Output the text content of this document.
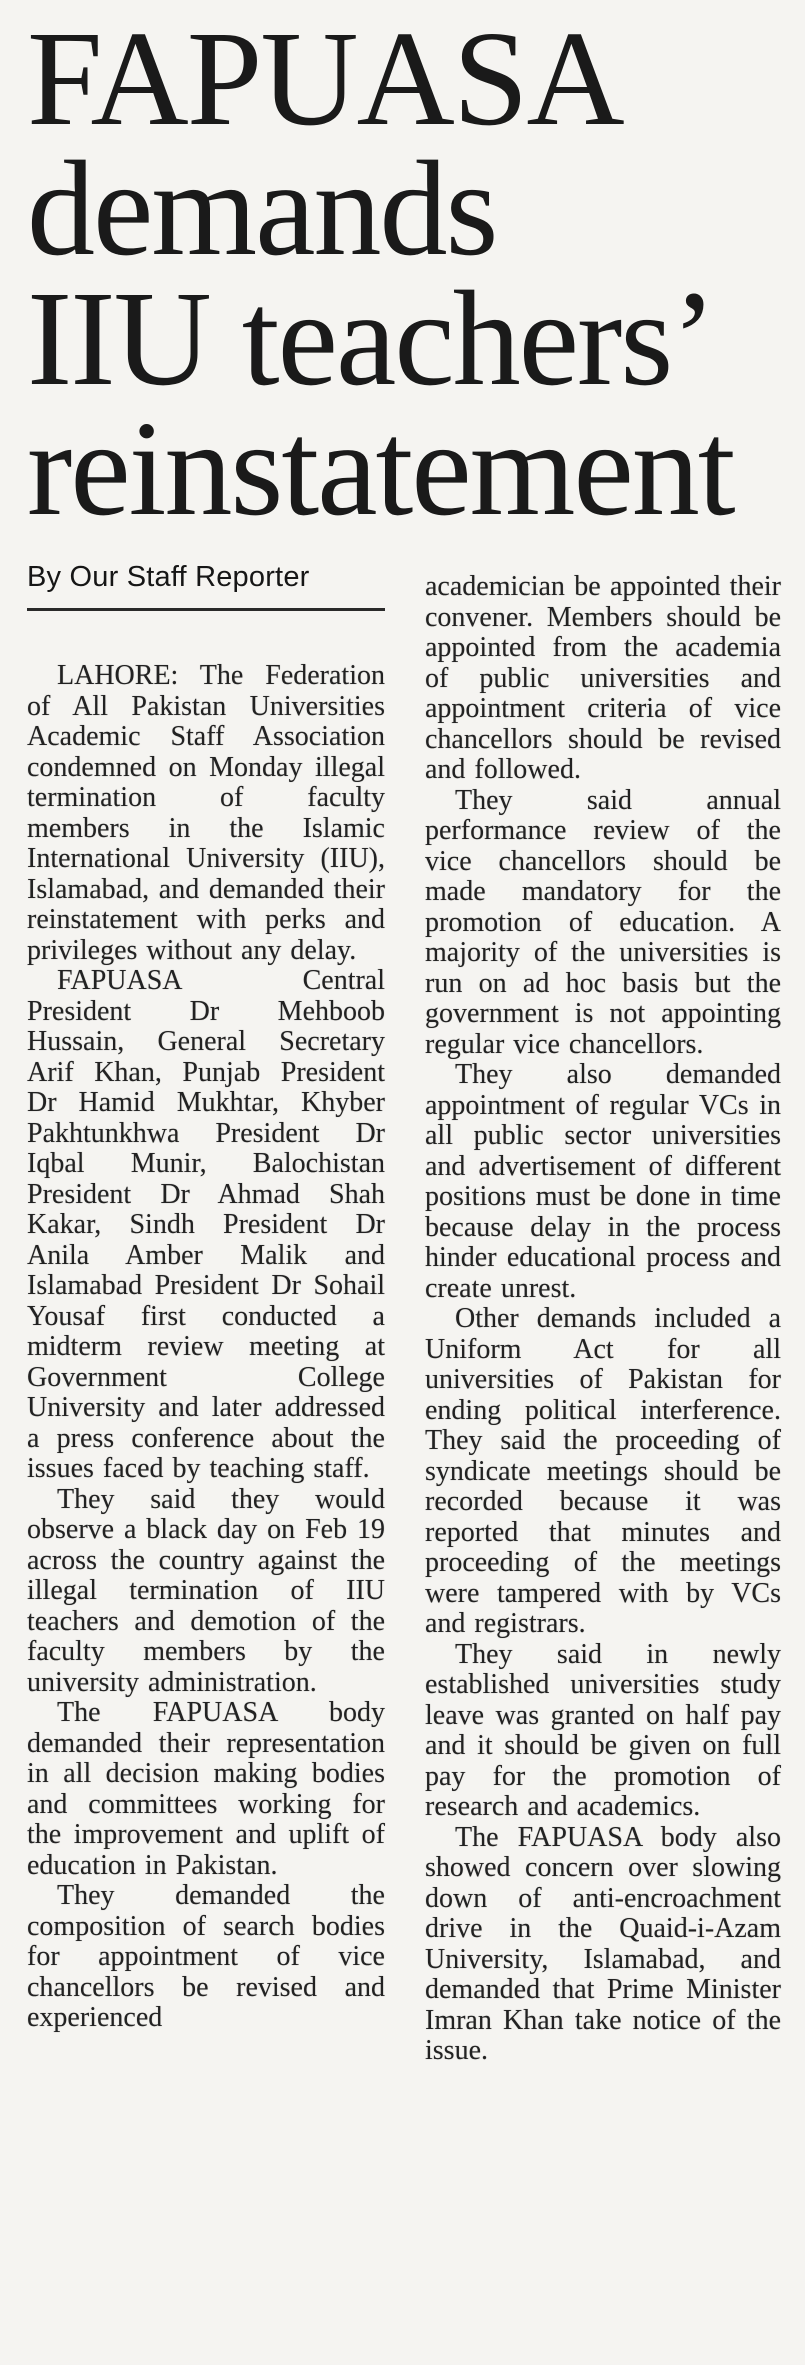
FAPUASA
demands
IIU teachers’
reinstatement

By Our Staff Reporter

LAHORE: The Federation of All Pakistan Universities Academic Staff Association condemned on Monday illegal termination of faculty members in the Islamic International University (IIU), Islamabad, and demanded their reinstatement with perks and privileges without any delay.

FAPUASA Central President Dr Mehboob Hussain, General Secretary Arif Khan, Punjab President Dr Hamid Mukhtar, Khyber Pakhtunkhwa President Dr Iqbal Munir, Balochistan President Dr Ahmad Shah Kakar, Sindh President Dr Anila Amber Malik and Islamabad President Dr Sohail Yousaf first conducted a midterm review meeting at Government College University and later addressed a press conference about the issues faced by teaching staff.

They said they would observe a black day on Feb 19 across the country against the illegal termination of IIU teachers and demotion of the faculty members by the university administration.

The FAPUASA body demanded their representation in all decision making bodies and committees working for the improvement and uplift of education in Pakistan.

They demanded the composition of search bodies for appointment of vice chancellors be revised and experienced

academician be appointed their convener. Members should be appointed from the academia of public universities and appointment criteria of vice chancellors should be revised and followed.

They said annual performance review of the vice chancellors should be made mandatory for the promotion of education. A majority of the universities is run on ad hoc basis but the government is not appointing regular vice chancellors.

They also demanded appointment of regular VCs in all public sector universities and advertisement of different positions must be done in time because delay in the process hinder educational process and create unrest.

Other demands included a Uniform Act for all universities of Pakistan for ending political interference. They said the proceeding of syndicate meetings should be recorded because it was reported that minutes and proceeding of the meetings were tampered with by VCs and registrars.

They said in newly established universities study leave was granted on half pay and it should be given on full pay for the promotion of research and academics.

The FAPUASA body also showed concern over slowing down of anti-encroachment drive in the Quaid-i-Azam University, Islamabad, and demanded that Prime Minister Imran Khan take notice of the issue.
